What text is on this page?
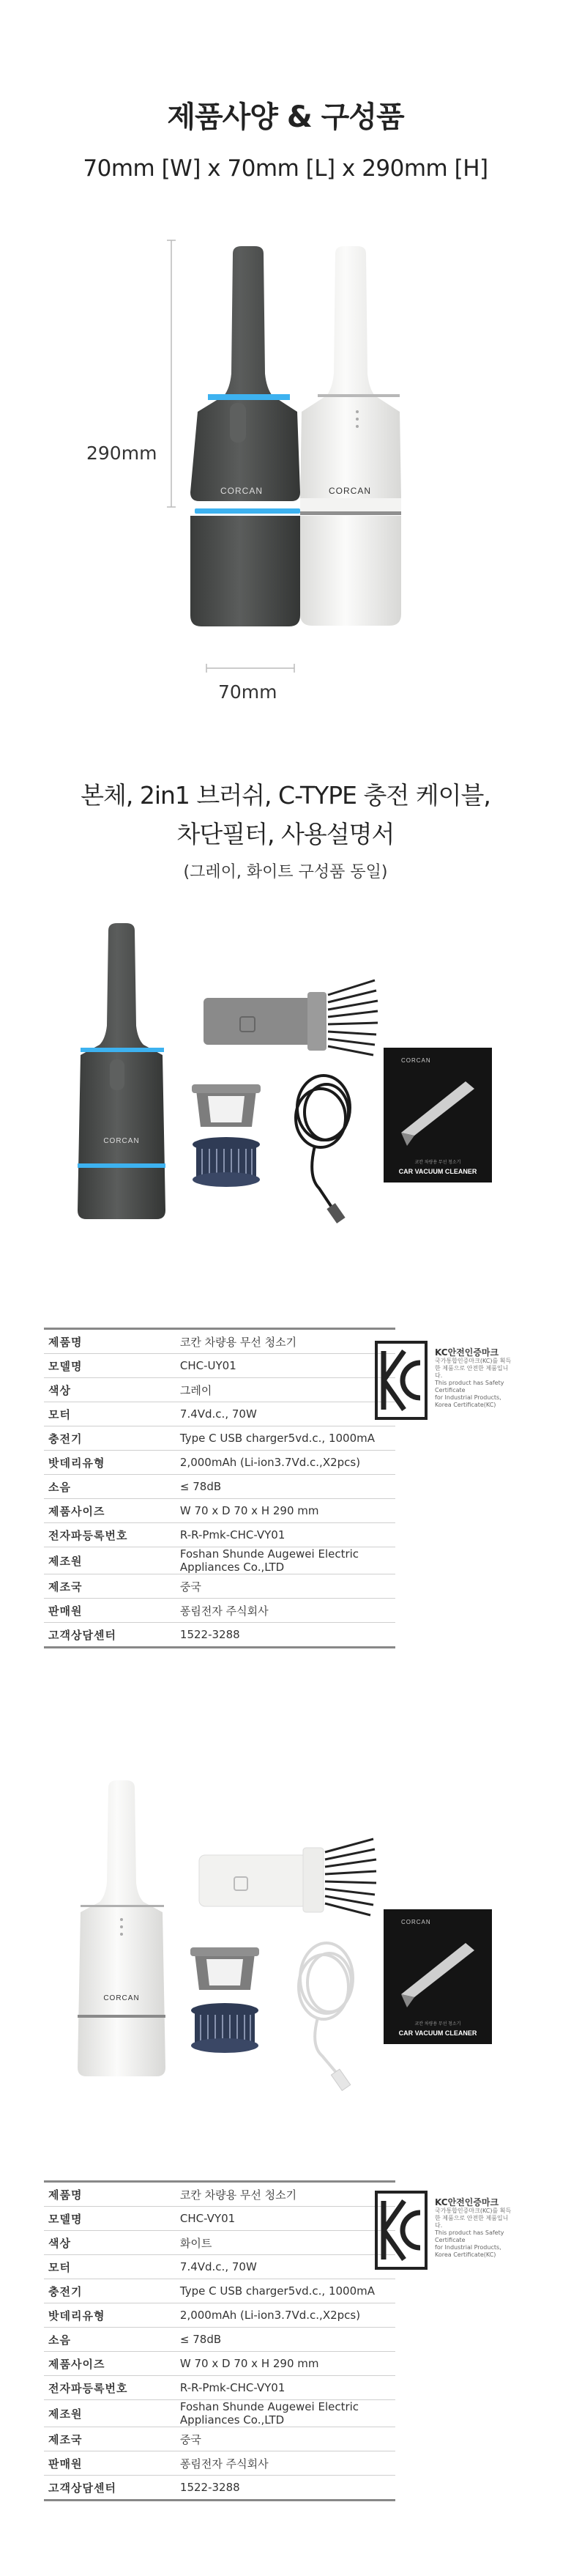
제품사양 & 구성품
70mm [W] x 70mm [L] x 290mm [H]
290mm
70mm
CORCAN	CORCAN
본체, 2in1 브러쉬, C-TYPE 충전 케이블,
차단필터, 사용설명서
(그레이, 화이트 구성품 동일)
CORCAN
CORCAN
코칸 차량용 무선 청소기
CAR VACUUM CLEANER
제품명	코칸 차량용 무선 청소기
모델명	CHC-UY01
색상	그레이
모터	7.4Vd.c., 70W
충전기	Type C USB charger5vd.c., 1000mA
밧데리유형	2,000mAh (Li-ion3.7Vd.c.,X2pcs)
소음	≤ 78dB
제품사이즈	W 70 x D 70 x H 290 mm
전자파등록번호	R-R-Pmk-CHC-VY01
제조원	Foshan Shunde Augewei Electric Appliances Co.,LTD
제조국	중국
판매원	퐁림전자 주식회사
고객상담센터	1522-3288
KC안전인증마크
국가통합인증마크(KC)를 획득한 제품으로 안전한 제품입니다.
This product has Safety Certificate
for Industrial Products,
Korea Certificate(KC)
CORCAN
CORCAN
코칸 차량용 무선 청소기
CAR VACUUM CLEANER
제품명	코칸 차량용 무선 청소기
모델명	CHC-VY01
색상	화이트
모터	7.4Vd.c., 70W
충전기	Type C USB charger5vd.c., 1000mA
밧데리유형	2,000mAh (Li-ion3.7Vd.c.,X2pcs)
소음	≤ 78dB
제품사이즈	W 70 x D 70 x H 290 mm
전자파등록번호	R-R-Pmk-CHC-VY01
제조원	Foshan Shunde Augewei Electric Appliances Co.,LTD
제조국	중국
판매원	퐁림전자 주식회사
고객상담센터	1522-3288
KC안전인증마크
국가통합인증마크(KC)를 획득한 제품으로 안전한 제품입니다.
This product has Safety Certificate
for Industrial Products,
Korea Certificate(KC)
